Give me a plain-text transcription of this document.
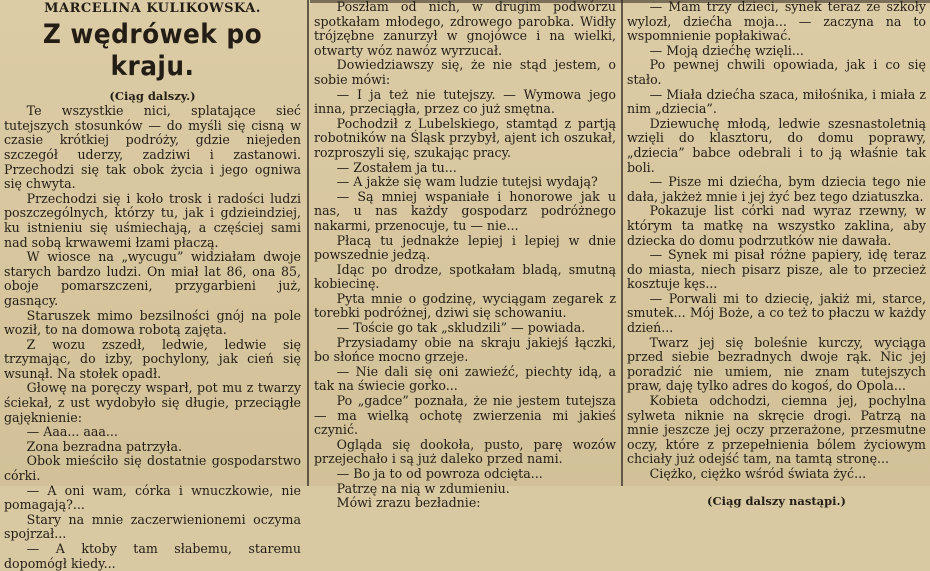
MARCELINA KULIKOWSKA.
Z wędrówek po kraju.
(Ciąg dalszy.)

Te wszystkie nici, splatające sieć tutejszych stosunków — do myśli się cisną w czasie krótkiej podróży, gdzie niejeden szczegół uderzy, zadziwi i zastanowi. Przechodzi się tak obok życia i jego ogniwa się chwyta.

Przechodzi się i koło trosk i radości ludzi poszczególnych, którzy tu, jak i gdzieindziej, ku istnieniu się uśmiechają, a częściej sami nad sobą krwawemi łzami płaczą.

W wiosce na „wycugu” widziałam dwoje starych bardzo ludzi. On miał lat 86, ona 85, oboje pomarszczeni, przygarbieni już, gasnący.

Staruszek mimo bezsilności gnój na pole woził, to na domowa robotą zajęta.

Z wozu zszedł, ledwie, ledwie się trzymając, do izby, pochylony, jak cień się wsunął. Na stołek opadł.

Głowę na poręczy wsparł, pot mu z twarzy ściekał, z ust wydobyło się długie, przeciągłe gajęknienie:

— Aaa... aaa...

Zona bezradna patrzyła.

Obok mieściło się dostatnie gospodarstwo córki.

— A oni wam, córka i wnuczkowie, nie pomagają?...

Stary na mnie zaczerwienionemi oczyma spojrzał...

— A ktoby tam słabemu, staremu dopomógł kiedy...

Poszłam od nich, w drugim podwórzu spotkałam młodego, zdrowego parobka. Widły trójzębne zanurzył w gnojówce i na wielki, otwarty wóz nawóz wyrzucał.

Dowiedziawszy się, że nie stąd jestem, o sobie mówi:

— I ja też nie tutejszy. — Wymowa jego inna, przeciągła, przez co już smętna.

Pochodził z Lubelskiego, stamtąd z partją robotników na Śląsk przybył, ajent ich oszukał, rozproszyli się, szukając pracy.

— Zostałem ja tu...

— A jakże się wam ludzie tutejsi wydają?

— Są mniej wspaniałe i honorowe jak u nas, u nas każdy gospodarz podróżnego nakarmi, przenocuje, tu — nie...

Płacą tu jednakże lepiej i lepiej w dnie powszednie jedzą.

Idąc po drodze, spotkałam bladą, smutną kobiecinę.

Pyta mnie o godzinę, wyciągam zegarek z torebki podróżnej, dziwi się schowaniu.

— Toście go tak „skludzili” — powiada.

Przysiadamy obie na skraju jakiejś łączki, bo słońce mocno grzeje.

— Nie dali się oni zawieźć, piechty idą, a tak na świecie gorko...

Po „gadce” poznała, że nie jestem tutejsza — ma wielką ochotę zwierzenia mi jakieś czynić.

Ogląda się dookoła, pusto, parę wozów przejechało i są już daleko przed nami.

— Bo ja to od powroza odcięta...

Patrzę na nią w zdumieniu.

Mówi zrazu bezładnie:

— Mam trzy dzieci, synek teraz ze szkoły wylozł, dziećha moja... — zaczyna na to wspomnienie popłakiwać.

— Moją dziećhę wzięli...

Po pewnej chwili opowiada, jak i co się stało.

— Miała dziećha szaca, miłośnika, i miała z nim „dziecia”.

Dziewuchę młodą, ledwie szesnastoletnią wzięli do klasztoru, do domu poprawy, „dziecia” babce odebrali i to ją właśnie tak boli.

— Pisze mi dziećha, bym dziecia tego nie dała, jakżeż mnie i jej żyć bez tego dziatuszka.

Pokazuje list córki nad wyraz rzewny, w którym ta matkę na wszystko zaklina, aby dziecka do domu podrzutków nie dawała.

— Synek mi pisał różne papiery, idę teraz do miasta, niech pisarz pisze, ale to przecież kosztuje kęs...

— Porwali mi to dziecię, jakiż mi, starce, smutek... Mój Boże, a co też to płaczu w każdy dzień...

Twarz jej się boleśnie kurczy, wyciąga przed siebie bezradnych dwoje rąk. Nic jej poradzić nie umiem, nie znam tutejszych praw, daję tylko adres do kogoś, do Opola...

Kobieta odchodzi, ciemna jej, pochylna sylweta niknie na skręcie drogi. Patrzą na mnie jeszcze jej oczy przerażone, przesmutne oczy, które z przepełnienia bólem życiowym chciały już odejść tam, na tamtą stronę...

Ciężko, ciężko wśród świata żyć...

(Ciąg dalszy nastąpi.)
